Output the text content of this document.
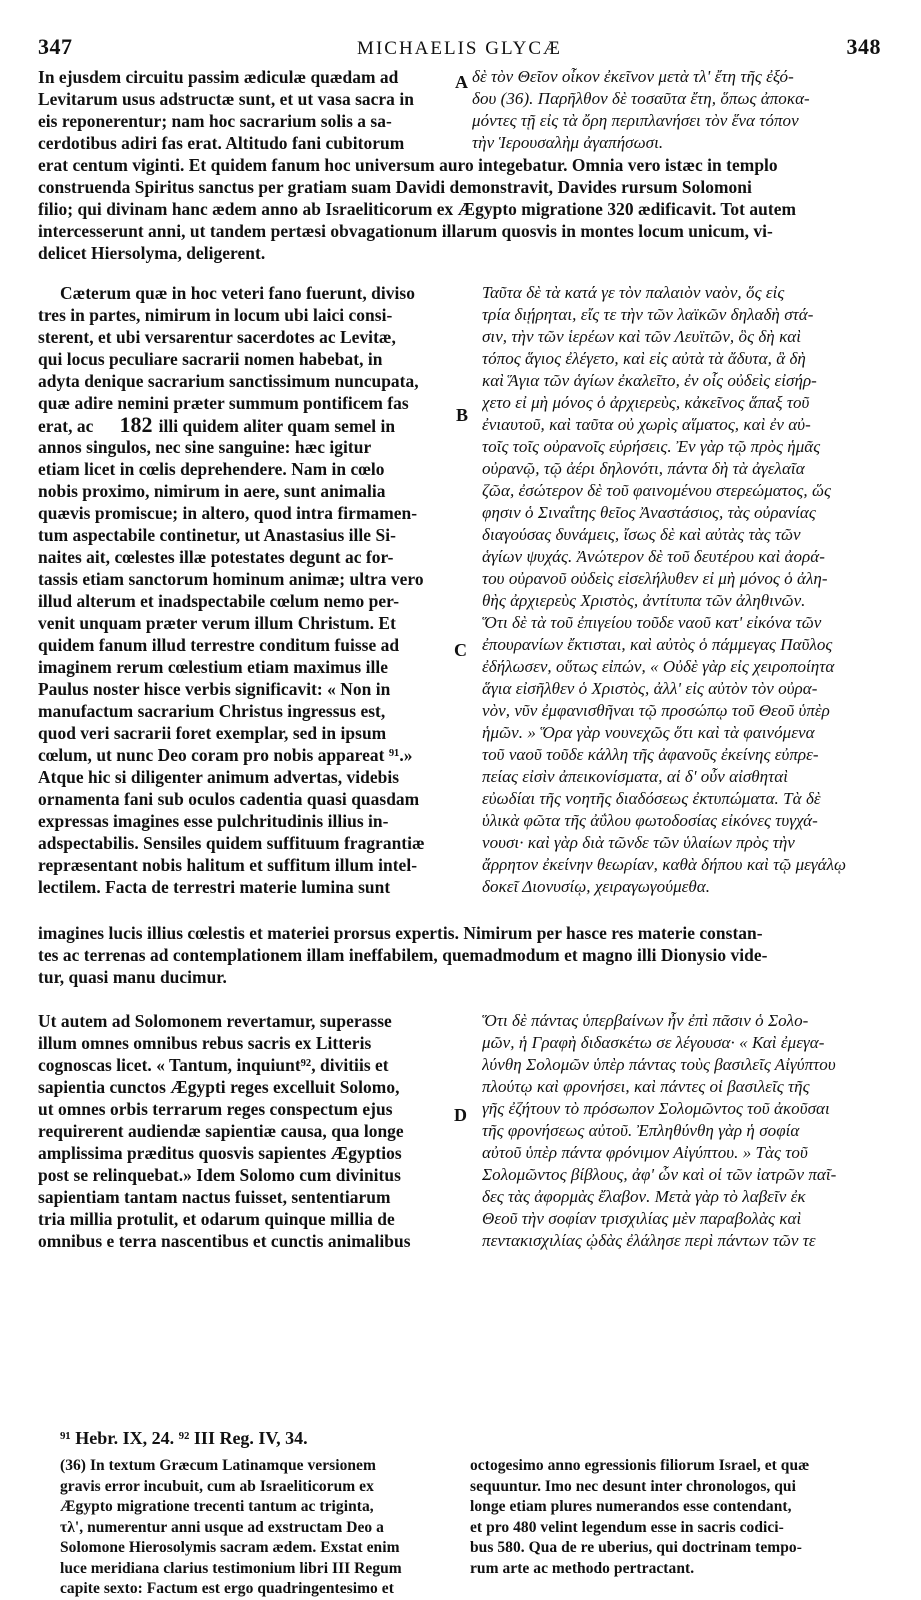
347	MICHAELIS GLYCÆ	348
In ejusdem circuitu passim ædiculæ quædam ad
Levitarum usus adstructæ sunt, et ut vasa sacra in
eis reponerentur; nam hoc sacrarium solis a sa-
cerdotibus adiri fas erat. Altitudo fani cubitorum
δὲ τὸν Θεῖον οἶκον ἐκεῖνον μετὰ τλ' ἔτη τῆς ἐξό-
δου (36). Παρῆλθον δὲ τοσαῦτα ἔτη, ὅπως ἀποκα-
μόντες τῇ εἰς τὰ ὄρη περιπλανήσει τὸν ἕνα τόπον
τὴν Ἱερουσαλὴμ ἀγαπήσωσι.
erat centum viginti. Et quidem fanum hoc universum auro integebatur. Omnia vero istæc in templo
construenda Spiritus sanctus per gratiam suam Davidi demonstravit, Davides rursum Solomoni
filio; qui divinam hanc ædem anno ab Israeliticorum ex Ægypto migratione 320 ædificavit. Tot autem
intercesserunt anni, ut tandem pertæsi obvagationum illarum quosvis in montes locum unicum, vi-
delicet Hiersolyma, deligerent.
Cæterum quæ in hoc veteri fano fuerunt, diviso
tres in partes, nimirum in locum ubi laici consi-
sterent, et ubi versarentur sacerdotes ac Levitæ,
qui locus peculiare sacrarii nomen habebat, in
adyta denique sacrarium sanctissimum nuncupata,
quæ adire nemini præter summum pontificem fas
erat, ac 182 illi quidem aliter quam semel in
annos singulos, nec sine sanguine: hæc igitur
etiam licet in cœlis deprehendere. Nam in cœlo
nobis proximo, nimirum in aere, sunt animalia
quævis promiscue; in altero, quod intra firmamen-
tum aspectabile continetur, ut Anastasius ille Si-
naites ait, cœlestes illæ potestates degunt ac for-
tassis etiam sanctorum hominum animæ; ultra vero
illud alterum et inadspectabile cœlum nemo per-
venit unquam præter verum illum Christum. Et
quidem fanum illud terrestre conditum fuisse ad
imaginem rerum cœlestium etiam maximus ille
Paulus noster hisce verbis significavit: « Non in
manufactum sacrarium Christus ingressus est,
quod veri sacrarii foret exemplar, sed in ipsum
cœlum, ut nunc Deo coram pro nobis appareat ⁹¹.»
Atque hic si diligenter animum advertas, videbis
ornamenta fani sub oculos cadentia quasi quasdam
expressas imagines esse pulchritudinis illius in-
adspectabilis. Sensiles quidem suffituum fragrantiæ
repræsentant nobis halitum et suffitum illum intel-
lectilem. Facta de terrestri materie lumina sunt
Ταῦτα δὲ τὰ κατά γε τὸν παλαιὸν ναὸν, ὅς εἰς
τρία διῄρηται, εἴς τε τὴν τῶν λαϊκῶν δηλαδὴ στά-
σιν, τὴν τῶν ἱερέων καὶ τῶν Λευϊτῶν, ὃς δὴ καὶ
τόπος ἅγιος ἐλέγετο, καὶ εἰς αὐτὰ τὰ ἄδυτα, ἃ δὴ
καὶ Ἅγια τῶν ἁγίων ἐκαλεῖτο, ἐν οἷς οὐδεὶς εἰσήρ-
χετο εἰ μὴ μόνος ὁ ἀρχιερεὺς, κἀκεῖνος ἅπαξ τοῦ
ἐνιαυτοῦ, καὶ ταῦτα οὐ χωρὶς αἵματος, καὶ ἐν αὐ-
τοῖς τοῖς οὐρανοῖς εὑρήσεις. Ἐν γὰρ τῷ πρὸς ἡμᾶς
οὐρανῷ, τῷ ἀέρι δηλονότι, πάντα δὴ τὰ ἀγελαῖα
ζῶα, ἐσώτερον δὲ τοῦ φαινομένου στερεώματος, ὥς
φησιν ὁ Σιναΐτης θεῖος Ἀναστάσιος, τὰς οὐρανίας
διαγούσας δυνάμεις, ἴσως δὲ καὶ αὐτὰς τὰς τῶν
ἁγίων ψυχάς. Ἀνώτερον δὲ τοῦ δευτέρου καὶ ἀορά-
του οὐρανοῦ οὐδεὶς εἰσελήλυθεν εἰ μὴ μόνος ὁ ἀλη-
θὴς ἀρχιερεὺς Χριστὸς, ἀντίτυπα τῶν ἀληθινῶν.
Ὅτι δὲ τὰ τοῦ ἐπιγείου τοῦδε ναοῦ κατ' εἰκόνα τῶν
ἐπουρανίων ἔκτισται, καὶ αὐτὸς ὁ πάμμεγας Παῦλος
ἐδήλωσεν, οὕτως εἰπών, « Οὐδὲ γὰρ εἰς χειροποίητα
ἅγια εἰσῆλθεν ὁ Χριστὸς, ἀλλ' εἰς αὐτὸν τὸν οὐρα-
νὸν, νῦν ἐμφανισθῆναι τῷ προσώπῳ τοῦ Θεοῦ ὑπὲρ
ἡμῶν. » Ὅρα γὰρ νουνεχῶς ὅτι καὶ τὰ φαινόμενα
τοῦ ναοῦ τοῦδε κάλλη τῆς ἀφανοῦς ἐκείνης εὐπρε-
πείας εἰσὶν ἀπεικονίσματα, αἱ δ' οὖν αἰσθηταὶ
εὐωδίαι τῆς νοητῆς διαδόσεως ἐκτυπώματα. Τὰ δὲ
ὑλικὰ φῶτα τῆς ἀΰλου φωτοδοσίας εἰκόνες τυγχά-
νουσι· καὶ γὰρ διὰ τῶνδε τῶν ὑλαίων πρὸς τὴν
ἄρρητον ἐκείνην θεωρίαν, καθὰ δήπου καὶ τῷ μεγάλῳ
δοκεῖ Διονυσίῳ, χειραγωγούμεθα.
imagines lucis illius cœlestis et materiei prorsus expertis. Nimirum per hasce res materie constan-
tes ac terrenas ad contemplationem illam ineffabilem, quemadmodum et magno illi Dionysio vide-
tur, quasi manu ducimur.
Ut autem ad Solomonem revertamur, superasse
illum omnes omnibus rebus sacris ex Litteris
cognoscas licet. « Tantum, inquiunt⁹², divitiis et
sapientia cunctos Ægypti reges excelluit Solomo,
ut omnes orbis terrarum reges conspectum ejus
requirerent audiendæ sapientiæ causa, qua longe
amplissima præditus quosvis sapientes Ægyptios
post se relinquebat.» Idem Solomo cum divinitus
sapientiam tantam nactus fuisset, sententiarum
tria millia protulit, et odarum quinque millia de
omnibus e terra nascentibus et cunctis animalibus
Ὅτι δὲ πάντας ὑπερβαίνων ἦν ἐπὶ πᾶσιν ὁ Σολο-
μῶν, ἡ Γραφὴ διδασκέτω σε λέγουσα· « Καὶ ἐμεγα-
λύνθη Σολομῶν ὑπὲρ πάντας τοὺς βασιλεῖς Αἰγύπτου
πλούτῳ καὶ φρονήσει, καὶ πάντες οἱ βασιλεῖς τῆς
γῆς ἐζήτουν τὸ πρόσωπον Σολομῶντος τοῦ ἀκοῦσαι
τῆς φρονήσεως αὐτοῦ. Ἐπληθύνθη γὰρ ἡ σοφία
αὐτοῦ ὑπὲρ πάντα φρόνιμον Αἰγύπτου. » Τὰς τοῦ
Σολομῶντος βίβλους, ἀφ' ὧν καὶ οἱ τῶν ἰατρῶν παῖ-
δες τὰς ἀφορμὰς ἔλαβον. Μετὰ γὰρ τὸ λαβεῖν ἐκ
Θεοῦ τὴν σοφίαν τρισχιλίας μὲν παραβολὰς καὶ
πεντακισχιλίας ᾠδὰς ἐλάλησε περὶ πάντων τῶν τε
(36) In textum Græcum Latinamque versionem
gravis error incubuit, cum ab Israeliticorum ex
Ægypto migratione trecenti tantum ac triginta,
τλ', numerentur anni usque ad exstructam Deo a
Solomone Hierosolymis sacram ædem. Exstat enim
luce meridiana clarius testimonium libri III Regum
capite sexto: Factum est ergo quadringentesimo et
octogesimo anno egressionis filiorum Israel, et quæ
sequuntur. Imo nec desunt inter chronologos, qui
longe etiam plures numerandos esse contendant,
et pro 480 velint legendum esse in sacris codici-
bus 580. Qua de re uberius, qui doctrinam tempo-
rum arte ac methodo pertractant.
A
B
C
D
⁹¹ Hebr. IX, 24. ⁹² III Reg. IV, 34.
